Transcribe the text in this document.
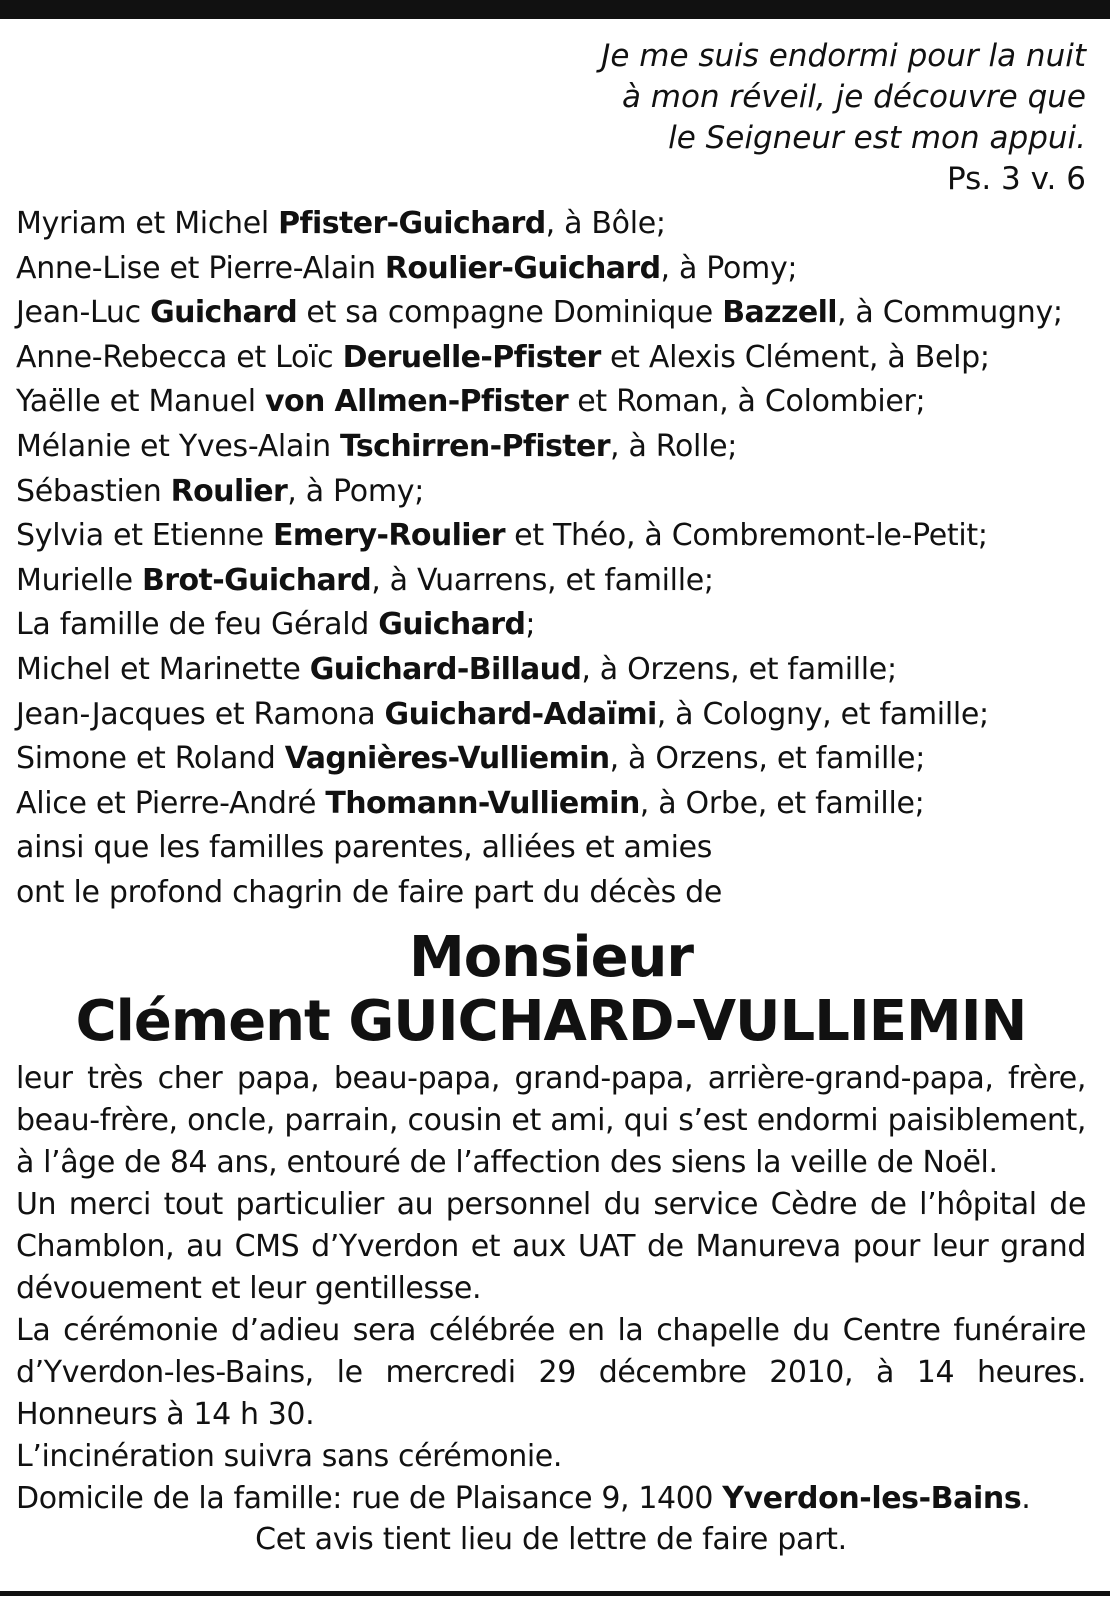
Je me suis endormi pour la nuit
à mon réveil, je découvre que
le Seigneur est mon appui.
Ps. 3 v. 6
Myriam et Michel Pfister-Guichard, à Bôle;
Anne-Lise et Pierre-Alain Roulier-Guichard, à Pomy;
Jean-Luc Guichard et sa compagne Dominique Bazzell, à Commugny;
Anne-Rebecca et Loïc Deruelle-Pfister et Alexis Clément, à Belp;
Yaëlle et Manuel von Allmen-Pfister et Roman, à Colombier;
Mélanie et Yves-Alain Tschirren-Pfister, à Rolle;
Sébastien Roulier, à Pomy;
Sylvia et Etienne Emery-Roulier et Théo, à Combremont-le-Petit;
Murielle Brot-Guichard, à Vuarrens, et famille;
La famille de feu Gérald Guichard;
Michel et Marinette Guichard-Billaud, à Orzens, et famille;
Jean-Jacques et Ramona Guichard-Adaïmi, à Cologny, et famille;
Simone et Roland Vagnières-Vulliemin, à Orzens, et famille;
Alice et Pierre-André Thomann-Vulliemin, à Orbe, et famille;
ainsi que les familles parentes, alliées et amies
ont le profond chagrin de faire part du décès de
Monsieur
Clément GUICHARD-VULLIEMIN

leur très cher papa, beau-papa, grand-papa, arrière-grand-papa, frère, beau-frère, oncle, parrain, cousin et ami, qui s’est endormi paisiblement, à l’âge de 84 ans, entouré de l’affection des siens la veille de Noël.

Un merci tout particulier au personnel du service Cèdre de l’hôpital de Chamblon, au CMS d’Yverdon et aux UAT de Manureva pour leur grand dévouement et leur gentillesse.

La cérémonie d’adieu sera célébrée en la chapelle du Centre funéraire d’Yverdon-les-Bains, le mercredi 29 décembre 2010, à 14 heures. Honneurs à 14 h 30.

L’incinération suivra sans cérémonie.

Domicile de la famille: rue de Plaisance 9, 1400 Yverdon-les-Bains.

Cet avis tient lieu de lettre de faire part.
